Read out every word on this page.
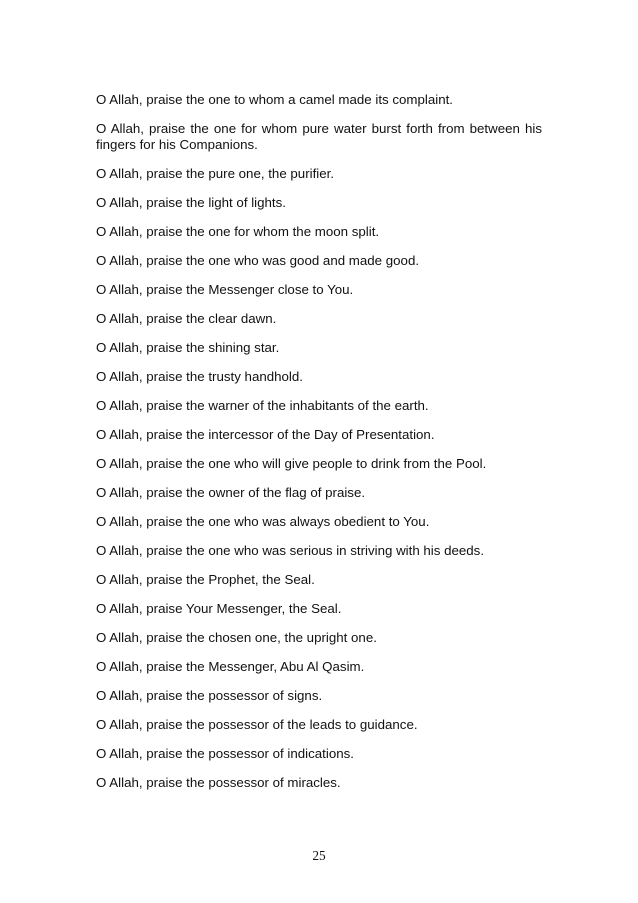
O Allah, praise the one to whom a camel made its complaint.

O Allah, praise the one for whom pure water burst forth from between his fingers for his Companions.

O Allah, praise the pure one, the purifier.

O Allah, praise the light of lights.

O Allah, praise the one for whom the moon split.

O Allah, praise the one who was good and made good.

O Allah, praise the Messenger close to You.

O Allah, praise the clear dawn.

O Allah, praise the shining star.

O Allah, praise the trusty handhold.

O Allah, praise the warner of the inhabitants of the earth.

O Allah, praise the intercessor of the Day of Presentation.

O Allah, praise the one who will give people to drink from the Pool.

O Allah, praise the owner of the flag of praise.

O Allah, praise the one who was always obedient to You.

O Allah, praise the one who was serious in striving with his deeds.

O Allah, praise the Prophet, the Seal.

O Allah, praise Your Messenger, the Seal.

O Allah, praise the chosen one, the upright one.

O Allah, praise the Messenger, Abu Al Qasim.

O Allah, praise the possessor of signs.

O Allah, praise the possessor of the leads to guidance.

O Allah, praise the possessor of indications.

O Allah, praise the possessor of miracles.

25
